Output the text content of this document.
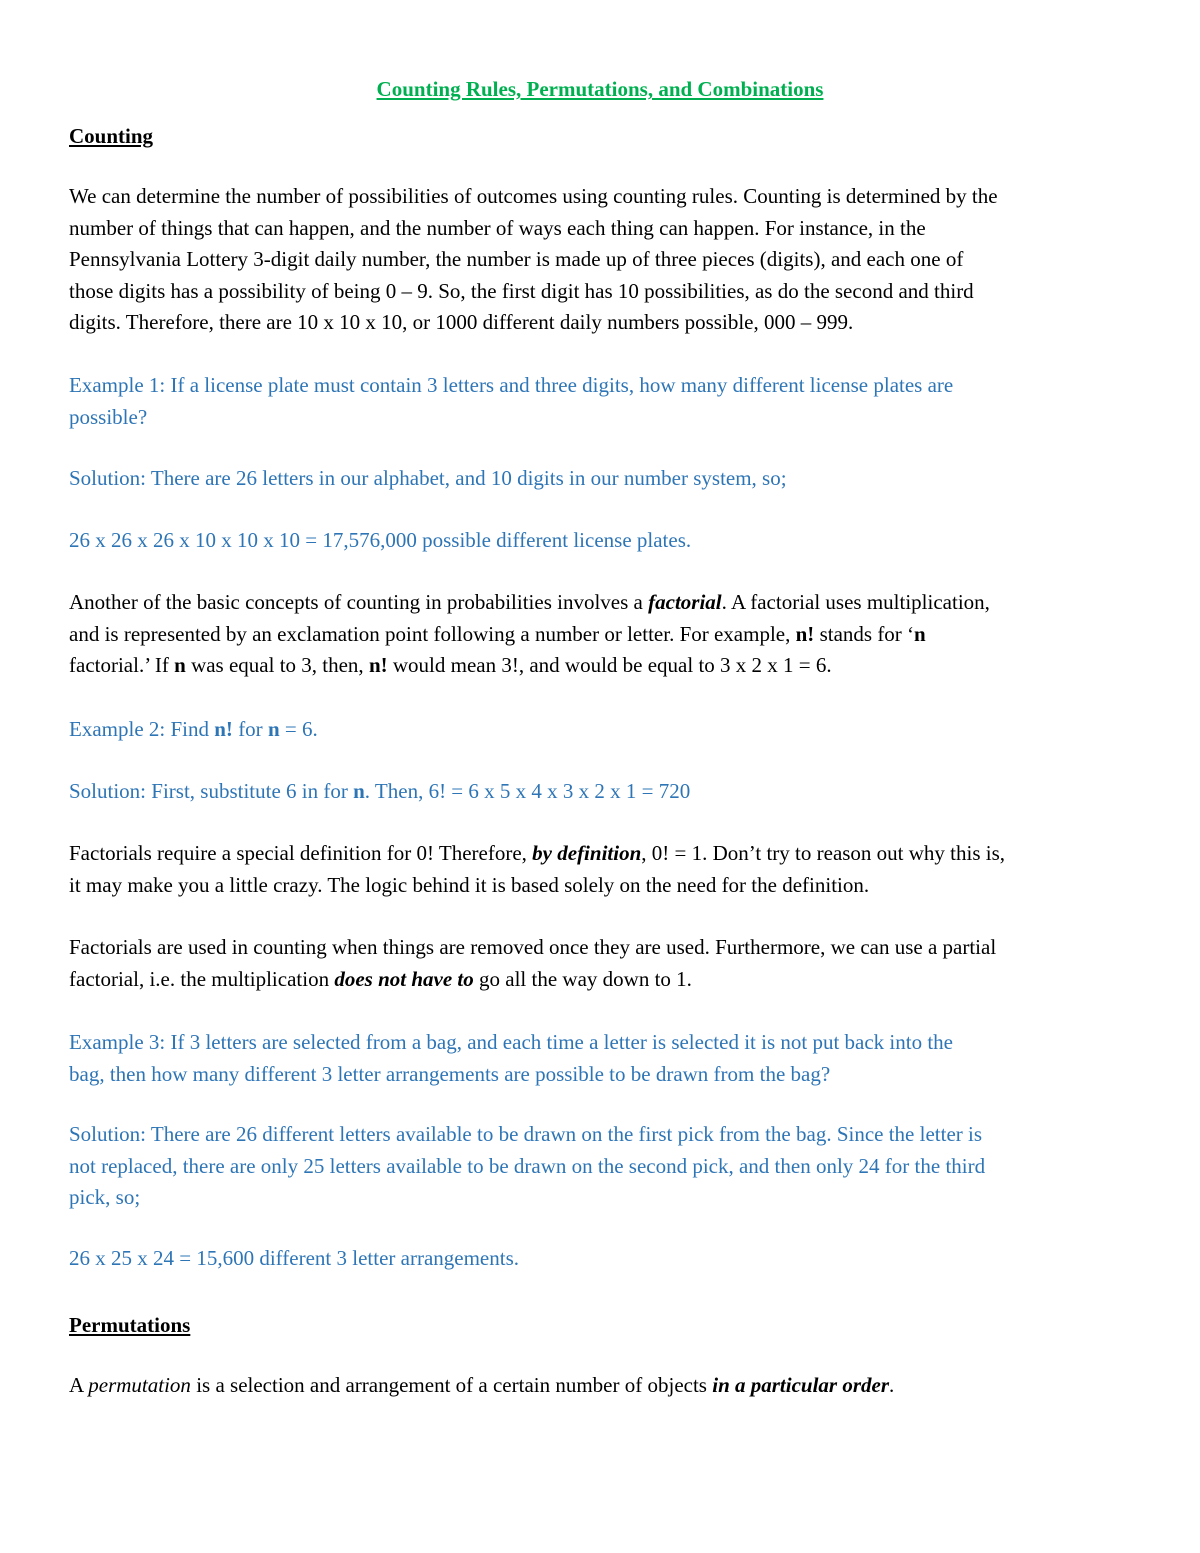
Counting Rules, Permutations, and Combinations
Counting

We can determine the number of possibilities of outcomes using counting rules. Counting is determined by the
number of things that can happen, and the number of ways each thing can happen. For instance, in the
Pennsylvania Lottery 3-digit daily number, the number is made up of three pieces (digits), and each one of
those digits has a possibility of being 0 – 9. So, the first digit has 10 possibilities, as do the second and third
digits. Therefore, there are 10 x 10 x 10, or 1000 different daily numbers possible, 000 – 999.

Example 1: If a license plate must contain 3 letters and three digits, how many different license plates are
possible?

Solution: There are 26 letters in our alphabet, and 10 digits in our number system, so;

26 x 26 x 26 x 10 x 10 x 10 = 17,576,000 possible different license plates.

Another of the basic concepts of counting in probabilities involves a factorial. A factorial uses multiplication,
and is represented by an exclamation point following a number or letter. For example, n! stands for ‘n
factorial.’ If n was equal to 3, then, n! would mean 3!, and would be equal to 3 x 2 x 1 = 6.

Example 2: Find n! for n = 6.

Solution: First, substitute 6 in for n. Then, 6! = 6 x 5 x 4 x 3 x 2 x 1 = 720

Factorials require a special definition for 0! Therefore, by definition, 0! = 1. Don’t try to reason out why this is,
it may make you a little crazy. The logic behind it is based solely on the need for the definition.

Factorials are used in counting when things are removed once they are used. Furthermore, we can use a partial
factorial, i.e. the multiplication does not have to go all the way down to 1.

Example 3: If 3 letters are selected from a bag, and each time a letter is selected it is not put back into the
bag, then how many different 3 letter arrangements are possible to be drawn from the bag?

Solution: There are 26 different letters available to be drawn on the first pick from the bag. Since the letter is
not replaced, there are only 25 letters available to be drawn on the second pick, and then only 24 for the third
pick, so;

26 x 25 x 24 = 15,600 different 3 letter arrangements.

Permutations

A permutation is a selection and arrangement of a certain number of objects in a particular order.
